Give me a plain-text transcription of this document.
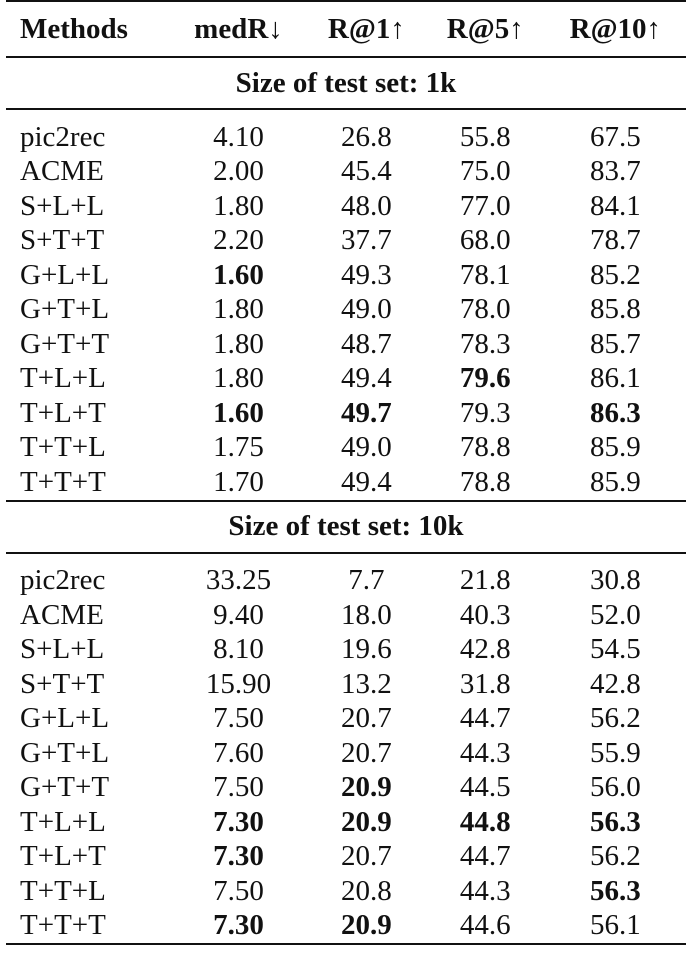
Methods	medR↓	R@1↑	R@5↑	R@10↑
Size of test set: 1k				

pic2rec	4.10	26.8	55.8	67.5
ACME	2.00	45.4	75.0	83.7
S+L+L	1.80	48.0	77.0	84.1
S+T+T	2.20	37.7	68.0	78.7
G+L+L	1.60	49.3	78.1	85.2
G+T+L	1.80	49.0	78.0	85.8
G+T+T	1.80	48.7	78.3	85.7
T+L+L	1.80	49.4	79.6	86.1
T+L+T	1.60	49.7	79.3	86.3
T+T+L	1.75	49.0	78.8	85.9
T+T+T	1.70	49.4	78.8	85.9
Size of test set: 10k				

pic2rec	33.25	7.7	21.8	30.8
ACME	9.40	18.0	40.3	52.0
S+L+L	8.10	19.6	42.8	54.5
S+T+T	15.90	13.2	31.8	42.8
G+L+L	7.50	20.7	44.7	56.2
G+T+L	7.60	20.7	44.3	55.9
G+T+T	7.50	20.9	44.5	56.0
T+L+L	7.30	20.9	44.8	56.3
T+L+T	7.30	20.7	44.7	56.2
T+T+L	7.50	20.8	44.3	56.3
T+T+T	7.30	20.9	44.6	56.1
